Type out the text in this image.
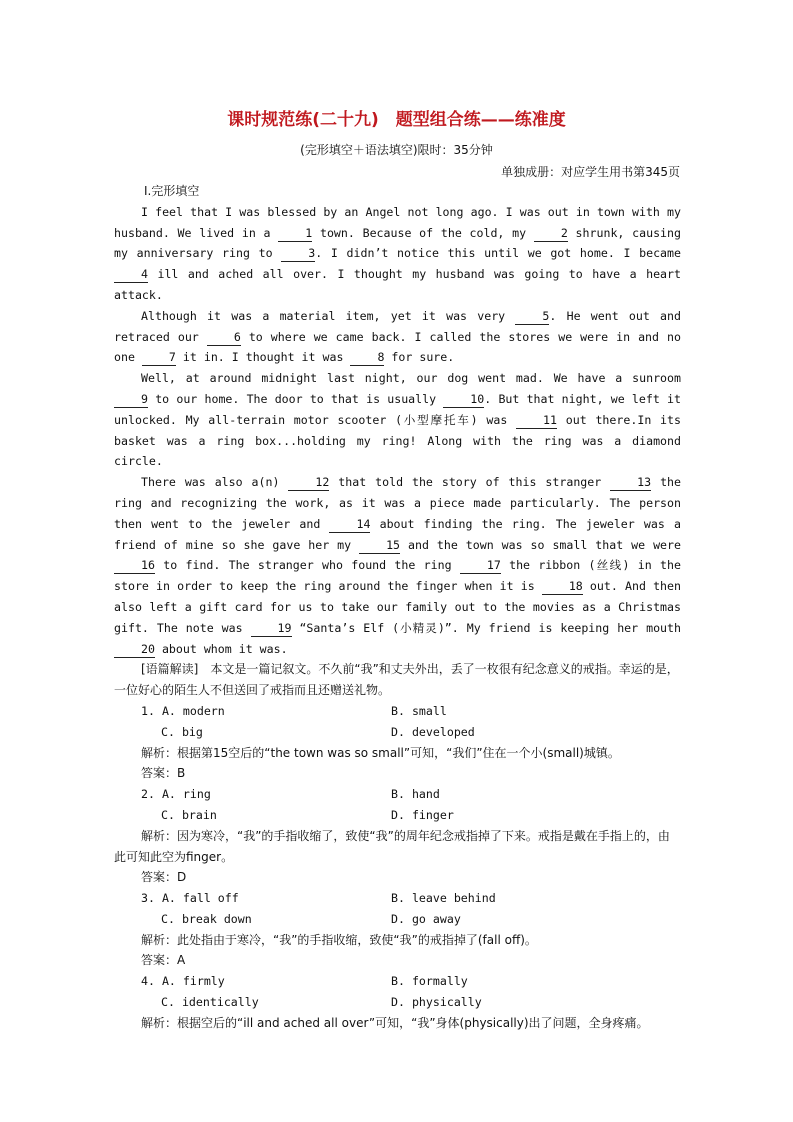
课时规范练(二十九)　题型组合练——练准度
(完形填空＋语法填空)限时：35分钟
单独成册：对应学生用书第345页

Ⅰ.完形填空

I feel that I was blessed by an Angel not long ago. I was out in town with my husband. We lived in a 1 town. Because of the cold, my 2 shrunk, causing my anniversary ring to 3. I didn’t notice this until we got home. I became 4 ill and ached all over. I thought my husband was going to have a heart attack.

Although it was a material item, yet it was very 5. He went out and retraced our 6 to where we came back. I called the stores we were in and no one 7 it in. I thought it was 8 for sure.

Well, at around midnight last night, our dog went mad. We have a sunroom 9 to our home. The door to that is usually 10. But that night, we left it unlocked. My all-terrain motor scooter (小型摩托车) was 11 out there.In its basket was a ring box...holding my ring! Along with the ring was a diamond circle.

There was also a(n) 12 that told the story of this stranger 13 the ring and recognizing the work, as it was a piece made particularly. The person then went to the jeweler and 14 about finding the ring. The jeweler was a friend of mine so she gave her my 15 and the town was so small that we were 16 to find. The stranger who found the ring 17 the ribbon (丝线) in the store in order to keep the ring around the finger when it is 18 out. And then also left a gift card for us to take our family out to the movies as a Christmas gift. The note was 19 “Santa’s Elf (小精灵)”. My friend is keeping her mouth 20 about whom it was.

[语篇解读]　本文是一篇记叙文。不久前“我”和丈夫外出，丢了一枚很有纪念意义的戒指。幸运的是，一位好心的陌生人不但送回了戒指而且还赠送礼物。

1. A. modern	B. small
C. big	D. developed

解析：根据第15空后的“the town was so small”可知，“我们”住在一个小(small)城镇。

答案：B

2. A. ring	B. hand
C. brain	D. finger

解析：因为寒冷，“我”的手指收缩了，致使“我”的周年纪念戒指掉了下来。戒指是戴在手指上的，由此可知此空为finger。

答案：D

3. A. fall off	B. leave behind
C. break down	D. go away

解析：此处指由于寒冷，“我”的手指收缩，致使“我”的戒指掉了(fall off)。

答案：A

4. A. firmly	B. formally
C. identically	D. physically

解析：根据空后的“ill and ached all over”可知，“我”身体(physically)出了问题，全身疼痛。
